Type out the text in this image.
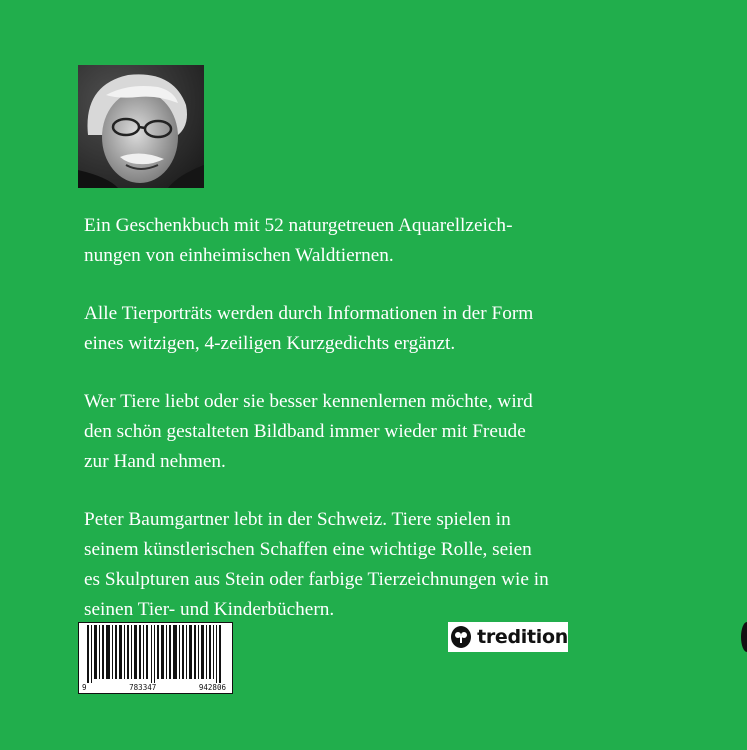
Ein Geschenkbuch mit 52 naturgetreuen Aquarellzeich-
nungen von einheimischen Waldtiernen.

Alle Tierporträts werden durch Informationen in der Form
eines witzigen, 4-zeiligen Kurzgedichts ergänzt.

Wer Tiere liebt oder sie besser kennenlernen möchte, wird
den schön gestalteten Bildband immer wieder mit Freude
zur Hand nehmen.

Peter Baumgartner lebt in der Schweiz. Tiere spielen in
seinem künstlerischen Schaffen eine wichtige Rolle, seien
es Skulpturen aus Stein oder farbige Tierzeichnungen wie in
seinen Tier- und Kinderbüchern.

9	783347	942806
tredition
